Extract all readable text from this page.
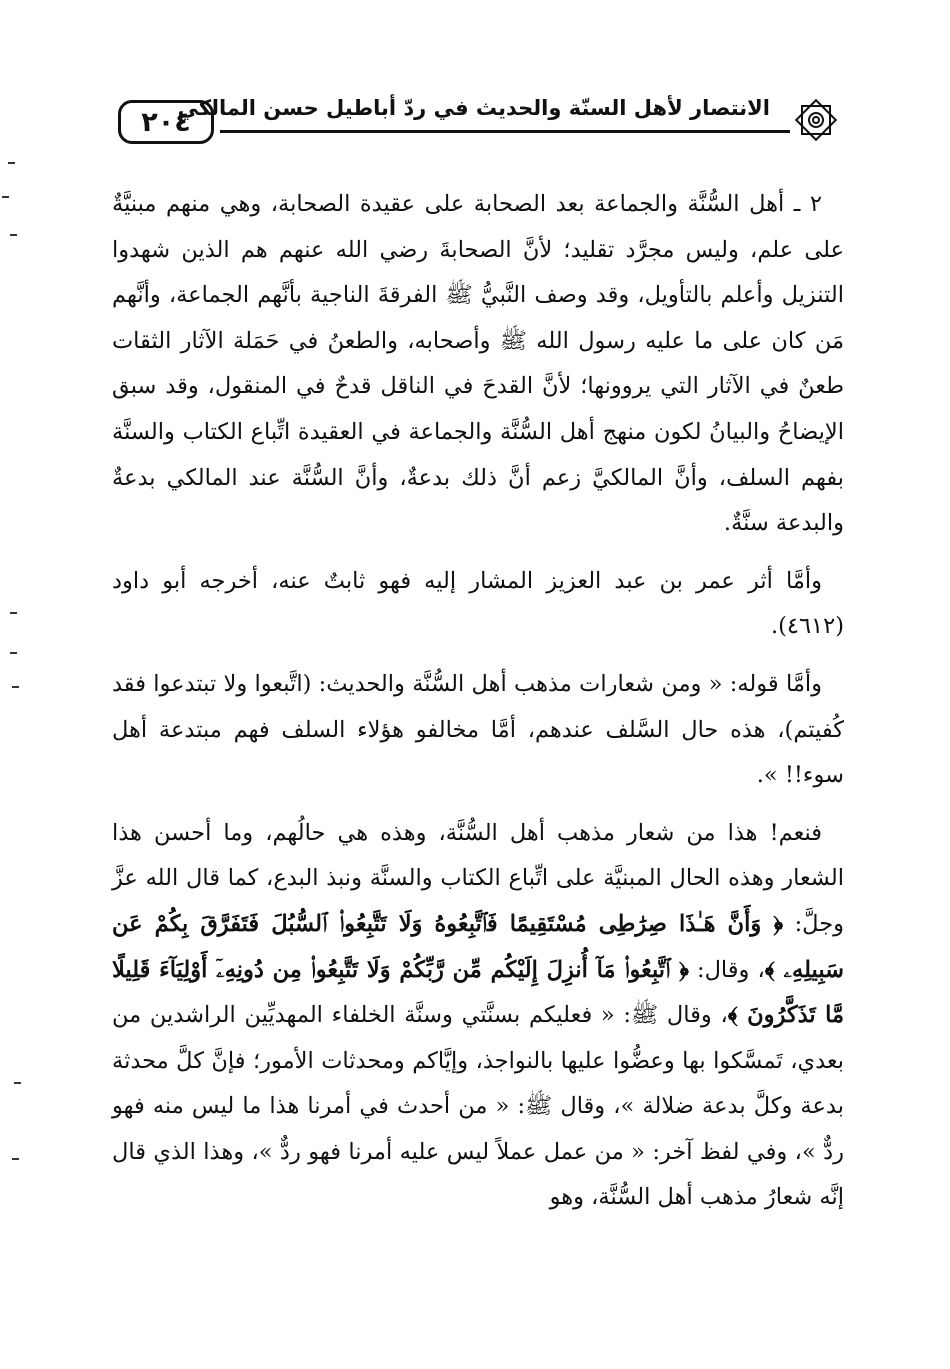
٢٠٤
الانتصار لأهل السنّة والحديث في ردّ أباطيل حسن المالكي

٢ ـ أهل السُّنَّة والجماعة بعد الصحابة على عقيدة الصحابة، وهي منهم مبنيَّةٌ على علم، وليس مجرَّد تقليد؛ لأنَّ الصحابةَ رضي الله عنهم هم الذين شهدوا التنزيل وأعلم بالتأويل، وقد وصف النَّبيُّ ﷺ الفرقةَ الناجية بأنَّهم الجماعة، وأنَّهم مَن كان على ما عليه رسول الله ﷺ وأصحابه، والطعنُ في حَمَلة الآثار الثقات طعنٌ في الآثار التي يروونها؛ لأنَّ القدحَ في الناقل قدحٌ في المنقول، وقد سبق الإيضاحُ والبيانُ لكون منهج أهل السُّنَّة والجماعة في العقيدة اتِّباع الكتاب والسنَّة بفهم السلف، وأنَّ المالكيَّ زعم أنَّ ذلك بدعةٌ، وأنَّ السُّنَّة عند المالكي بدعةٌ والبدعة سنَّةٌ.

وأمَّا أثر عمر بن عبد العزيز المشار إليه فهو ثابتٌ عنه، أخرجه أبو داود (٤٦١٢).

وأمَّا قوله: « ومن شعارات مذهب أهل السُّنَّة والحديث: (اتَّبعوا ولا تبتدعوا فقد كُفيتم)، هذه حال السَّلف عندهم، أمَّا مخالفو هؤلاء السلف فهم مبتدعة أهل سوء!! ».

فنعم! هذا من شعار مذهب أهل السُّنَّة، وهذه هي حالُهم، وما أحسن هذا الشعار وهذه الحال المبنيَّة على اتِّباع الكتاب والسنَّة ونبذ البدع، كما قال الله عزَّ وجلَّ: ﴿ وَأَنَّ هَـٰذَا صِرَٰطِى مُسْتَقِيمًا فَٱتَّبِعُوهُ وَلَا تَتَّبِعُوا۟ ٱلسُّبُلَ فَتَفَرَّقَ بِكُمْ عَن سَبِيلِهِۦ ﴾، وقال: ﴿ ٱتَّبِعُوا۟ مَآ أُنزِلَ إِلَيْكُم مِّن رَّبِّكُمْ وَلَا تَتَّبِعُوا۟ مِن دُونِهِۦٓ أَوْلِيَآءَ قَلِيلًا مَّا تَذَكَّرُونَ ﴾، وقال ﷺ: « فعليكم بسنَّتي وسنَّة الخلفاء المهديِّين الراشدين من بعدي، تَمسَّكوا بها وعضُّوا عليها بالنواجذ، وإيَّاكم ومحدثات الأمور؛ فإنَّ كلَّ محدثة بدعة وكلَّ بدعة ضلالة »، وقال ﷺ: « من أحدث في أمرنا هذا ما ليس منه فهو ردٌّ »، وفي لفظ آخر: « من عمل عملاً ليس عليه أمرنا فهو ردٌّ »، وهذا الذي قال إنَّه شعارُ مذهب أهل السُّنَّة، وهو
